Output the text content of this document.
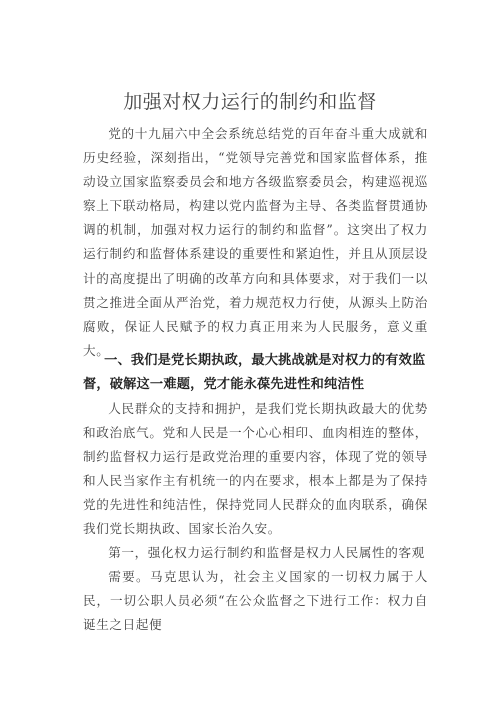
加强对权力运行的制约和监督

党的十九届六中全会系统总结党的百年奋斗重大成就和历史经验，深刻指出，“党领导完善党和国家监督体系，推动设立国家监察委员会和地方各级监察委员会，构建巡视巡察上下联动格局，构建以党内监督为主导、各类监督贯通协调的机制，加强对权力运行的制约和监督”。这突出了权力运行制约和监督体系建设的重要性和紧迫性，并且从顶层设计的高度提出了明确的改革方向和具体要求，对于我们一以贯之推进全面从严治党，着力规范权力行使，从源头上防治腐败，保证人民赋予的权力真正用来为人民服务，意义重大。

一、我们是党长期执政，最大挑战就是对权力的有效监督，破解这一难题，党才能永葆先进性和纯洁性

人民群众的支持和拥护，是我们党长期执政最大的优势和政治底气。党和人民是一个心心相印、血肉相连的整体，制约监督权力运行是政党治理的重要内容，体现了党的领导和人民当家作主有机统一的内在要求，根本上都是为了保持党的先进性和纯洁性，保持党同人民群众的血肉联系，确保我们党长期执政、国家长治久安。

第一，强化权力运行制约和监督是权力人民属性的客观

需要。马克思认为，社会主义国家的一切权力属于人民，一切公职人员必须“在公众监督之下进行工作：权力自诞生之日起便
